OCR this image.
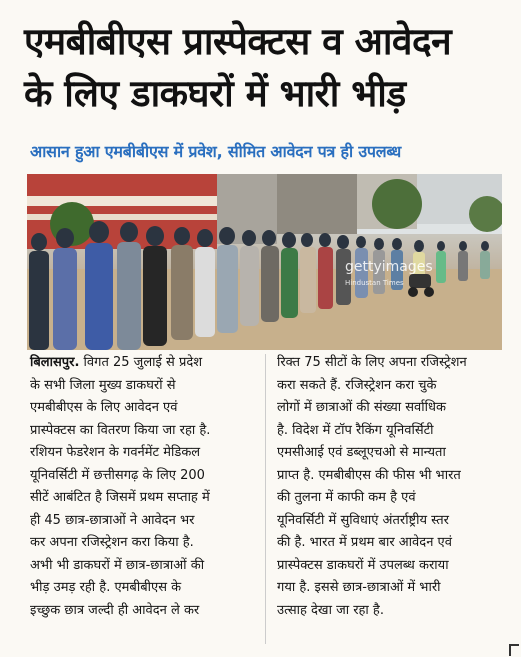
एमबीबीएस प्रास्पेक्टस व आवेदन
के लिए डाकघरों में भारी भीड़
आसान हुआ एमबीबीएस में प्रवेश, सीमित आवेदन पत्र ही उपलब्ध
gettyimages
Hindustan Times
बिलासपुर. विगत 25 जुलाई से प्रदेश
के सभी जिला मुख्य डाकघरों से
एमबीबीएस के लिए आवेदन एवं
प्रास्पेक्टस का वितरण किया जा रहा है.
रशियन फेडरेशन के गवर्नमेंट मेडिकल
यूनिवर्सिटी में छत्तीसगढ़ के लिए 200
सीटें आबंटित है जिसमें प्रथम सप्ताह में
ही 45 छात्र-छात्राओं ने आवेदन भर
कर अपना रजिस्ट्रेशन करा किया है.
अभी भी डाकघरों में छात्र-छात्राओं की
भीड़ उमड़ रही है. एमबीबीएस के
इच्छुक छात्र जल्दी ही आवेदन ले कर
रिक्त 75 सीटों के लिए अपना रजिस्ट्रेशन
करा सकते हैं. रजिस्ट्रेशन करा चुके
लोगों में छात्राओं की संख्या सर्वाधिक
है. विदेश में टॉप रैकिंग यूनिवर्सिटी
एमसीआई एवं डब्लूएचओ से मान्यता
प्राप्त है. एमबीबीएस की फीस भी भारत
की तुलना में काफी कम है एवं
यूनिवर्सिटी में सुविधाएं अंतर्राष्ट्रीय स्तर
की है. भारत में प्रथम बार आवेदन एवं
प्रास्पेक्टस डाकघरों में उपलब्ध कराया
गया है. इससे छात्र-छात्राओं में भारी
उत्साह देखा जा रहा है.
